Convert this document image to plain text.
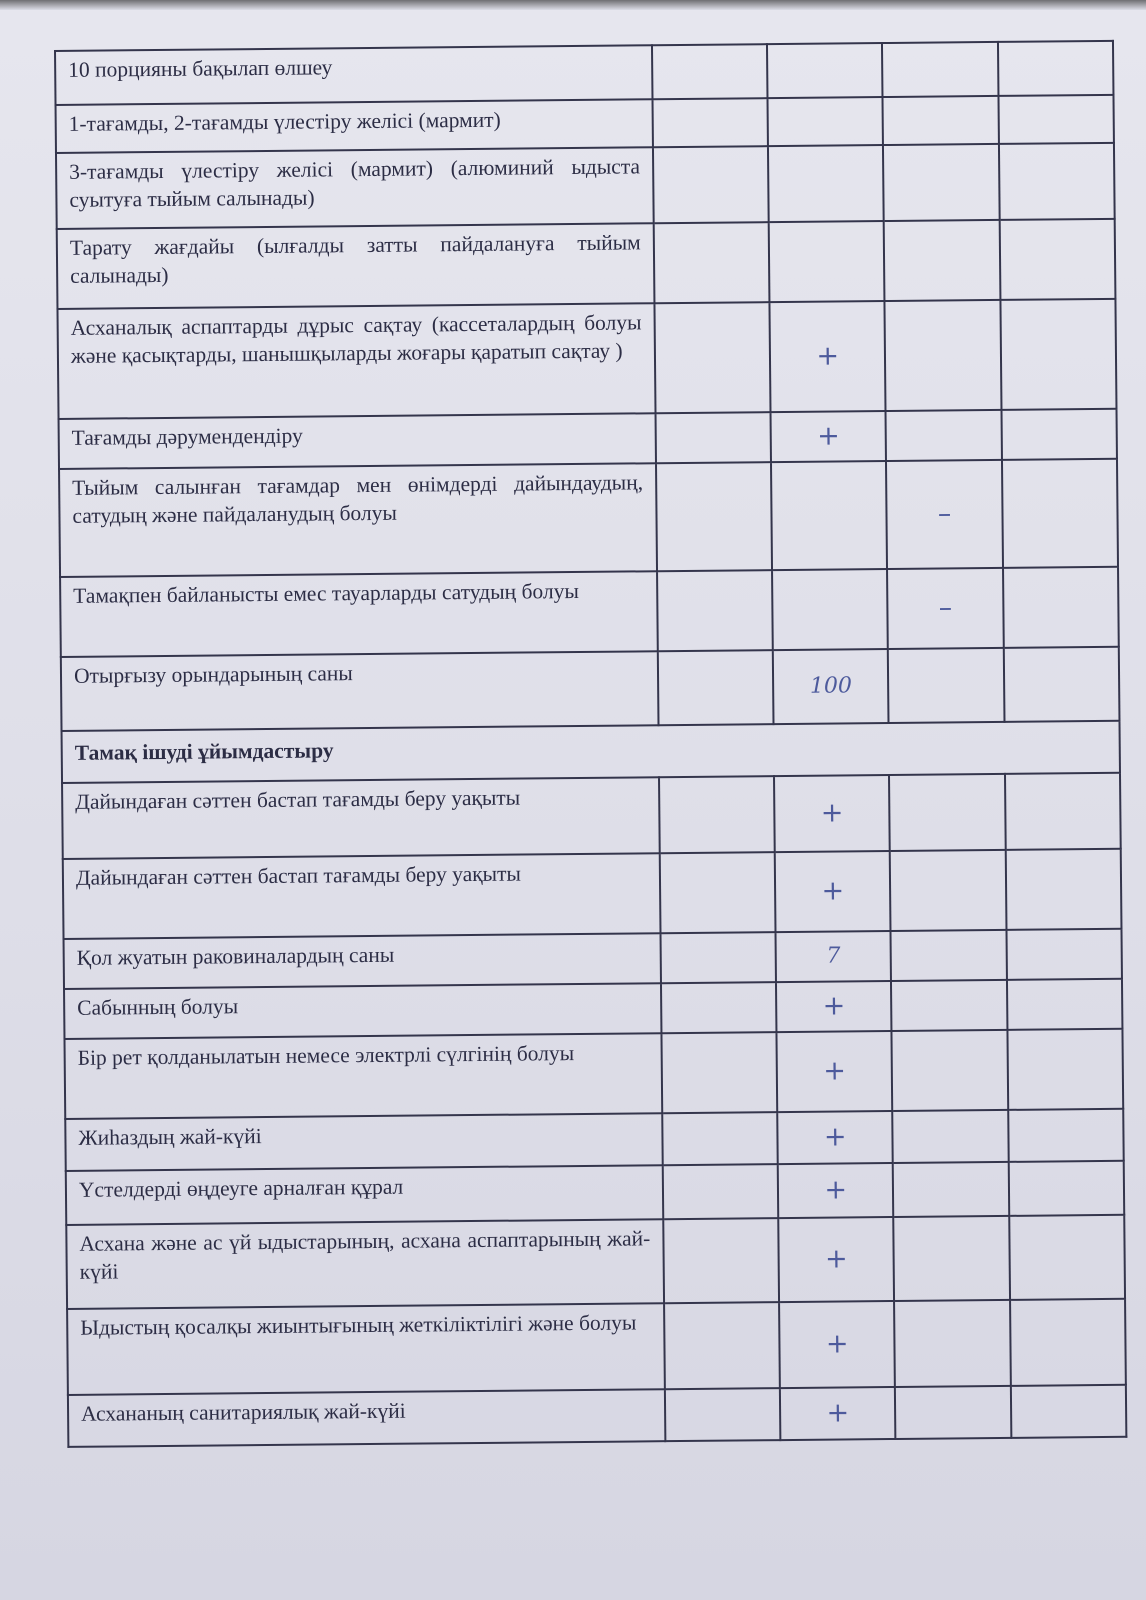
10 порцияны бақылап өлшеу				
1-тағамды, 2-тағамды үлестіру желісі (мармит)				
3-тағамды үлестіру желісі (мармит) (алюминий ыдыста суытуға тыйым салынады)				
Тарату жағдайы (ылғалды затты пайдалануға тыйым салынады)				
Асханалық аспаптарды дұрыс сақтау (кассеталардың болуы және қасықтарды, шанышқыларды жоғары қаратып сақтау )		+		
Тағамды дәрумендендіру		+		
Тыйым салынған тағамдар мен өнімдерді дайындаудың, сатудың және пайдаланудың болуы			–	
Тамақпен байланысты емес тауарларды сатудың болуы			–	
Отырғызу орындарының саны		100		
Тамақ ішуді ұйымдастыру				
Дайындаған сәттен бастап тағамды беру уақыты		+		
Дайындаған сәттен бастап тағамды беру уақыты		+		
Қол жуатын раковиналардың саны		7		
Сабынның болуы		+		
Бір рет қолданылатын немесе электрлі сүлгінің болуы		+		
Жиһаздың жай-күйі		+		
Үстелдерді өңдеуге арналған құрал		+		
Асхана және ас үй ыдыстарының, асхана аспаптарының жай-күйі		+		
Ыдыстың қосалқы жиынтығының жеткіліктілігі және болуы		+		
Асхананың санитариялық жай-күйі		+		
